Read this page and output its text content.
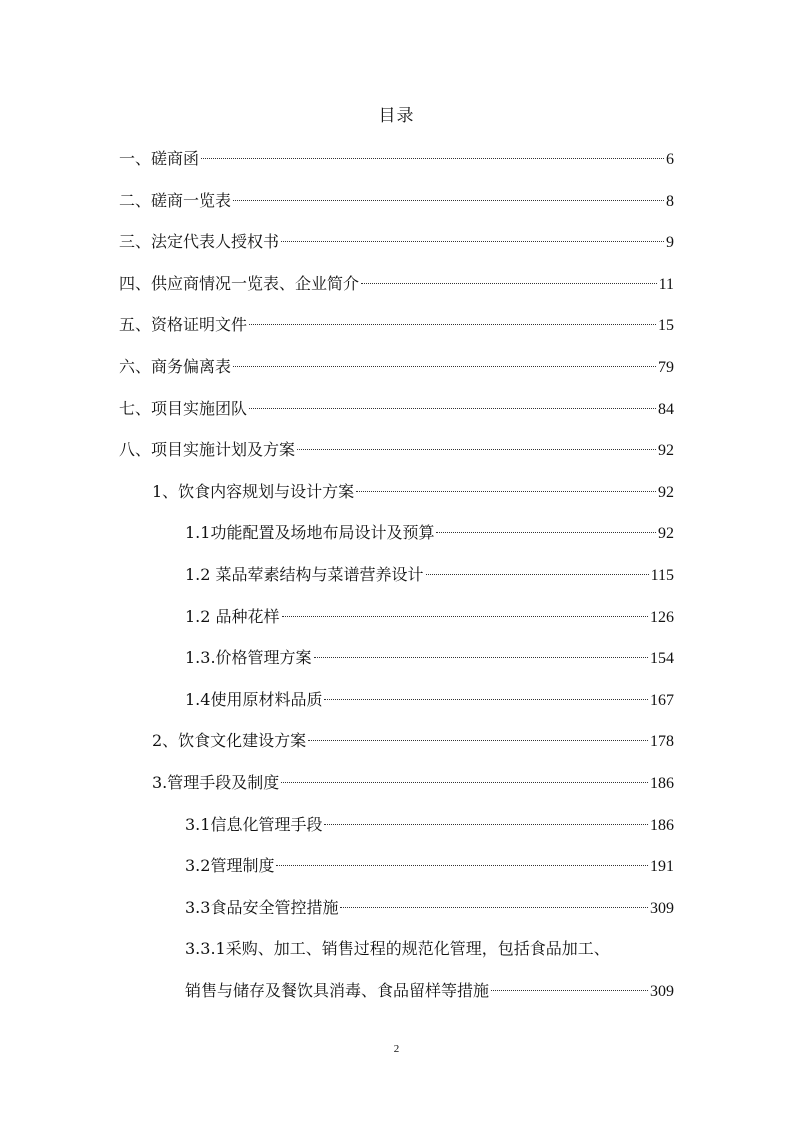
目录
一、磋商函	6
二、磋商一览表	8
三、法定代表人授权书	9
四、供应商情况一览表、企业简介	11
五、资格证明文件	15
六、商务偏离表	79
七、项目实施团队	84
八、项目实施计划及方案	92
1、饮食内容规划与设计方案	92
1.1功能配置及场地布局设计及预算	92
1.2 菜品荤素结构与菜谱营养设计	115
1.2 品种花样	126
1.3.价格管理方案	154
1.4使用原材料品质	167
2、饮食文化建设方案	178
3.管理手段及制度	186
3.1信息化管理手段	186
3.2管理制度	191
3.3食品安全管控措施	309
3.3.1采购、加工、销售过程的规范化管理，包括食品加工、
销售与储存及餐饮具消毒、食品留样等措施	309
2
